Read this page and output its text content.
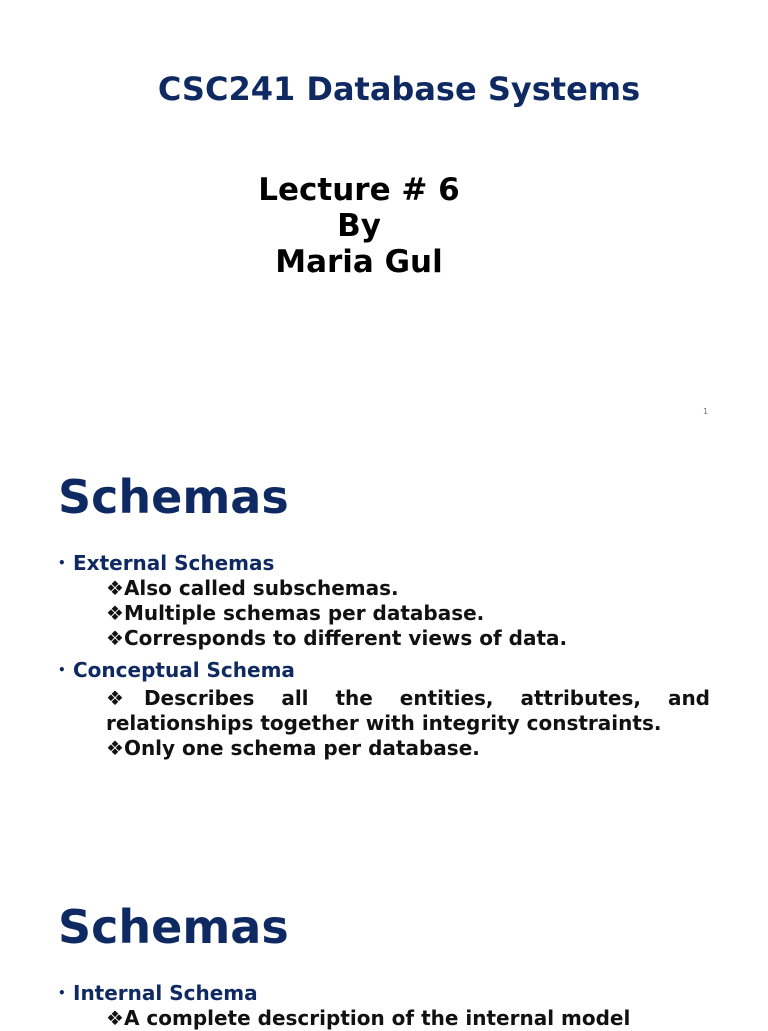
CSC241 Database Systems
Lecture # 6
By
Maria Gul
1
Schemas
• External Schemas
❖Also called subschemas.
❖Multiple schemas per database.
❖Corresponds to different views of data.
• Conceptual Schema
❖Describes all the entities, attributes, and relationships together with integrity constraints.
❖Only one schema per database.
Schemas
• Internal Schema
❖A complete description of the internal model
